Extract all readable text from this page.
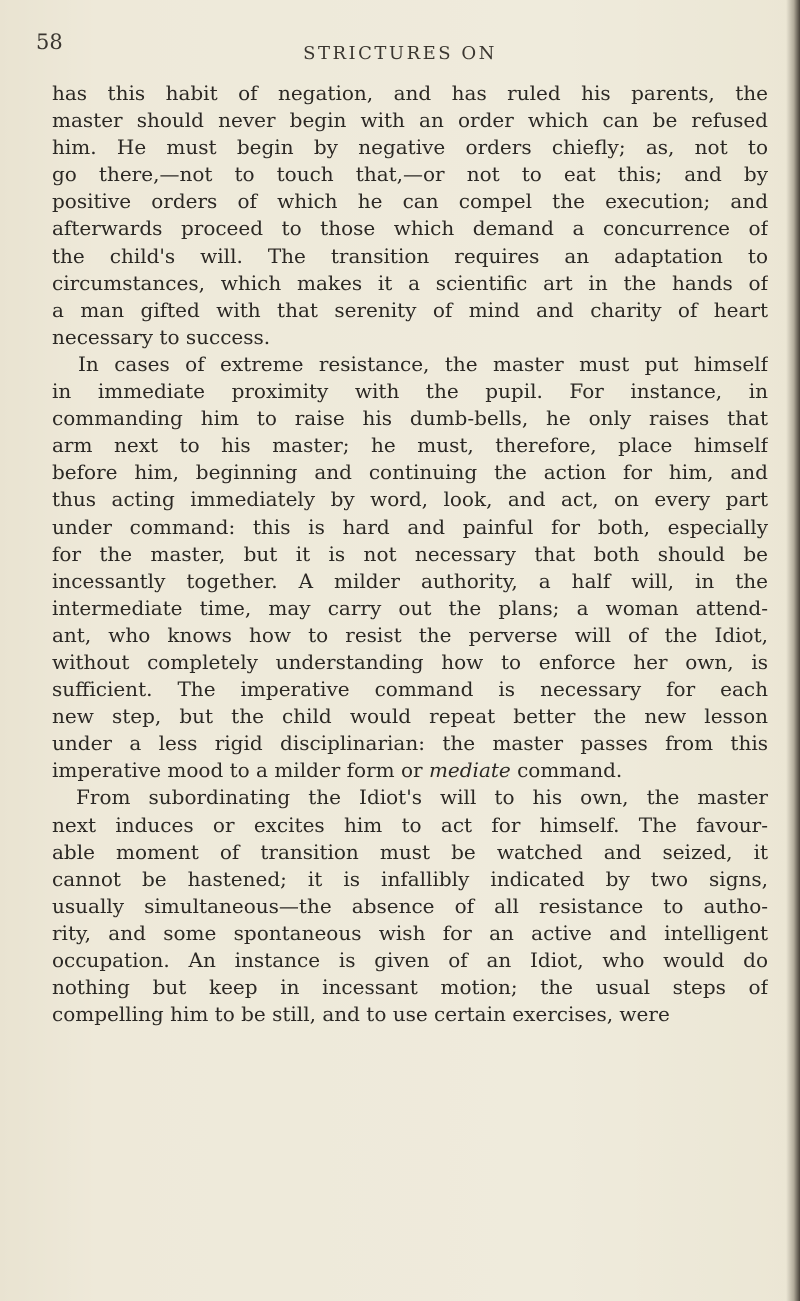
58	STRICTURES ON
has this habit of negation, and has ruled his parents, the
master should never begin with an order which can be refused
him. He must begin by negative orders chiefly; as, not to
go there,—not to touch that,—or not to eat this; and by
positive orders of which he can compel the execution; and
afterwards proceed to those which demand a concurrence of
the child's will. The transition requires an adaptation to
circumstances, which makes it a scientific art in the hands of
a man gifted with that serenity of mind and charity of heart
necessary to success.
In cases of extreme resistance, the master must put himself
in immediate proximity with the pupil. For instance, in
commanding him to raise his dumb-bells, he only raises that
arm next to his master; he must, therefore, place himself
before him, beginning and continuing the action for him, and
thus acting immediately by word, look, and act, on every part
under command: this is hard and painful for both, especially
for the master, but it is not necessary that both should be
incessantly together. A milder authority, a half will, in the
intermediate time, may carry out the plans; a woman attend-
ant, who knows how to resist the perverse will of the Idiot,
without completely understanding how to enforce her own, is
sufficient. The imperative command is necessary for each
new step, but the child would repeat better the new lesson
under a less rigid disciplinarian: the master passes from this
imperative mood to a milder form or mediate command.
From subordinating the Idiot's will to his own, the master
next induces or excites him to act for himself. The favour-
able moment of transition must be watched and seized, it
cannot be hastened; it is infallibly indicated by two signs,
usually simultaneous—the absence of all resistance to autho-
rity, and some spontaneous wish for an active and intelligent
occupation. An instance is given of an Idiot, who would do
nothing but keep in incessant motion; the usual steps of
compelling him to be still, and to use certain exercises, were
